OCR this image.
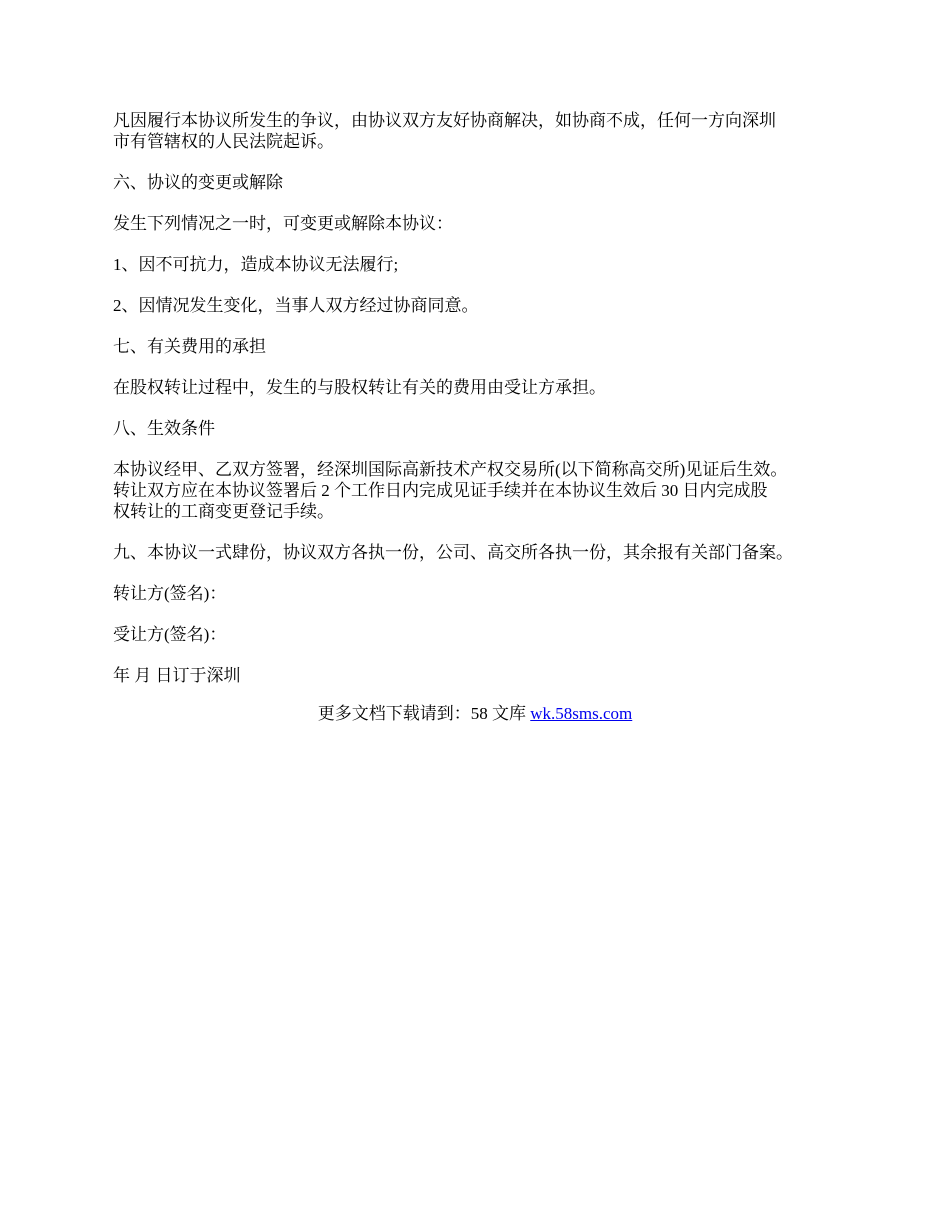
凡因履行本协议所发生的争议，由协议双方友好协商解决，如协商不成，任何一方向深圳
市有管辖权的人民法院起诉。

六、协议的变更或解除

发生下列情况之一时，可变更或解除本协议：

1、因不可抗力，造成本协议无法履行;

2、因情况发生变化，当事人双方经过协商同意。

七、有关费用的承担

在股权转让过程中，发生的与股权转让有关的费用由受让方承担。

八、生效条件

本协议经甲、乙双方签署，经深圳国际高新技术产权交易所(以下简称高交所)见证后生效。
转让双方应在本协议签署后 2 个工作日内完成见证手续并在本协议生效后 30 日内完成股
权转让的工商变更登记手续。

九、本协议一式肆份，协议双方各执一份，公司、高交所各执一份，其余报有关部门备案。

转让方(签名)：

受让方(签名)：

年 月 日订于深圳

更多文档下载请到：58 文库 wk.58sms.com
